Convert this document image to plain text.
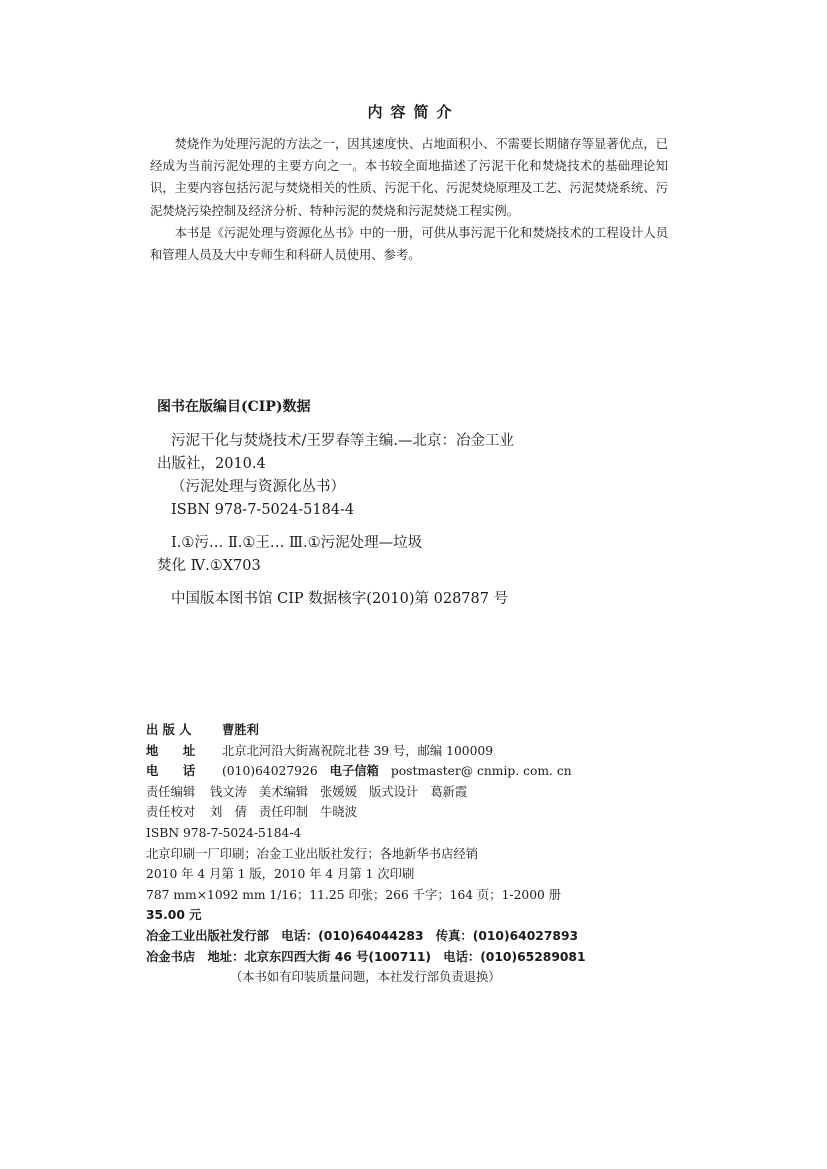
内容简介

焚烧作为处理污泥的方法之一，因其速度快、占地面积小、不需要长期储存等显著优点，已经成为当前污泥处理的主要方向之一。本书较全面地描述了污泥干化和焚烧技术的基础理论知识，主要内容包括污泥与焚烧相关的性质、污泥干化、污泥焚烧原理及工艺、污泥焚烧系统、污泥焚烧污染控制及经济分析、特种污泥的焚烧和污泥焚烧工程实例。

本书是《污泥处理与资源化丛书》中的一册，可供从事污泥干化和焚烧技术的工程设计人员和管理人员及大中专师生和科研人员使用、参考。

图书在版编目(CIP)数据
污泥干化与焚烧技术/王罗春等主编.—北京：冶金工业
出版社，2010.4
（污泥处理与资源化丛书）
ISBN 978-7-5024-5184-4
Ⅰ.①污… Ⅱ.①王… Ⅲ.①污泥处理—垃圾
焚化 Ⅳ.①X703
中国版本图书馆 CIP 数据核字(2010)第 028787 号
出 版 人 曹胜利
地　　址 北京北河沿大街嵩祝院北巷 39 号，邮编 100009
电　　话 (010)64027926 电子信箱 postmaster@ cnmip. com. cn
责任编辑 钱文涛 美术编辑 张媛媛 版式设计 葛新霞
责任校对 刘　倩 责任印制 牛晓波
ISBN 978-7-5024-5184-4
北京印刷一厂印刷；冶金工业出版社发行；各地新华书店经销
2010 年 4 月第 1 版，2010 年 4 月第 1 次印刷
787 mm×1092 mm 1/16；11.25 印张；266 千字；164 页；1-2000 册
35.00 元
冶金工业出版社发行部　电话：(010)64044283　传真：(010)64027893
冶金书店　地址：北京东四西大街 46 号(100711)　电话：(010)65289081
（本书如有印装质量问题，本社发行部负责退换）
